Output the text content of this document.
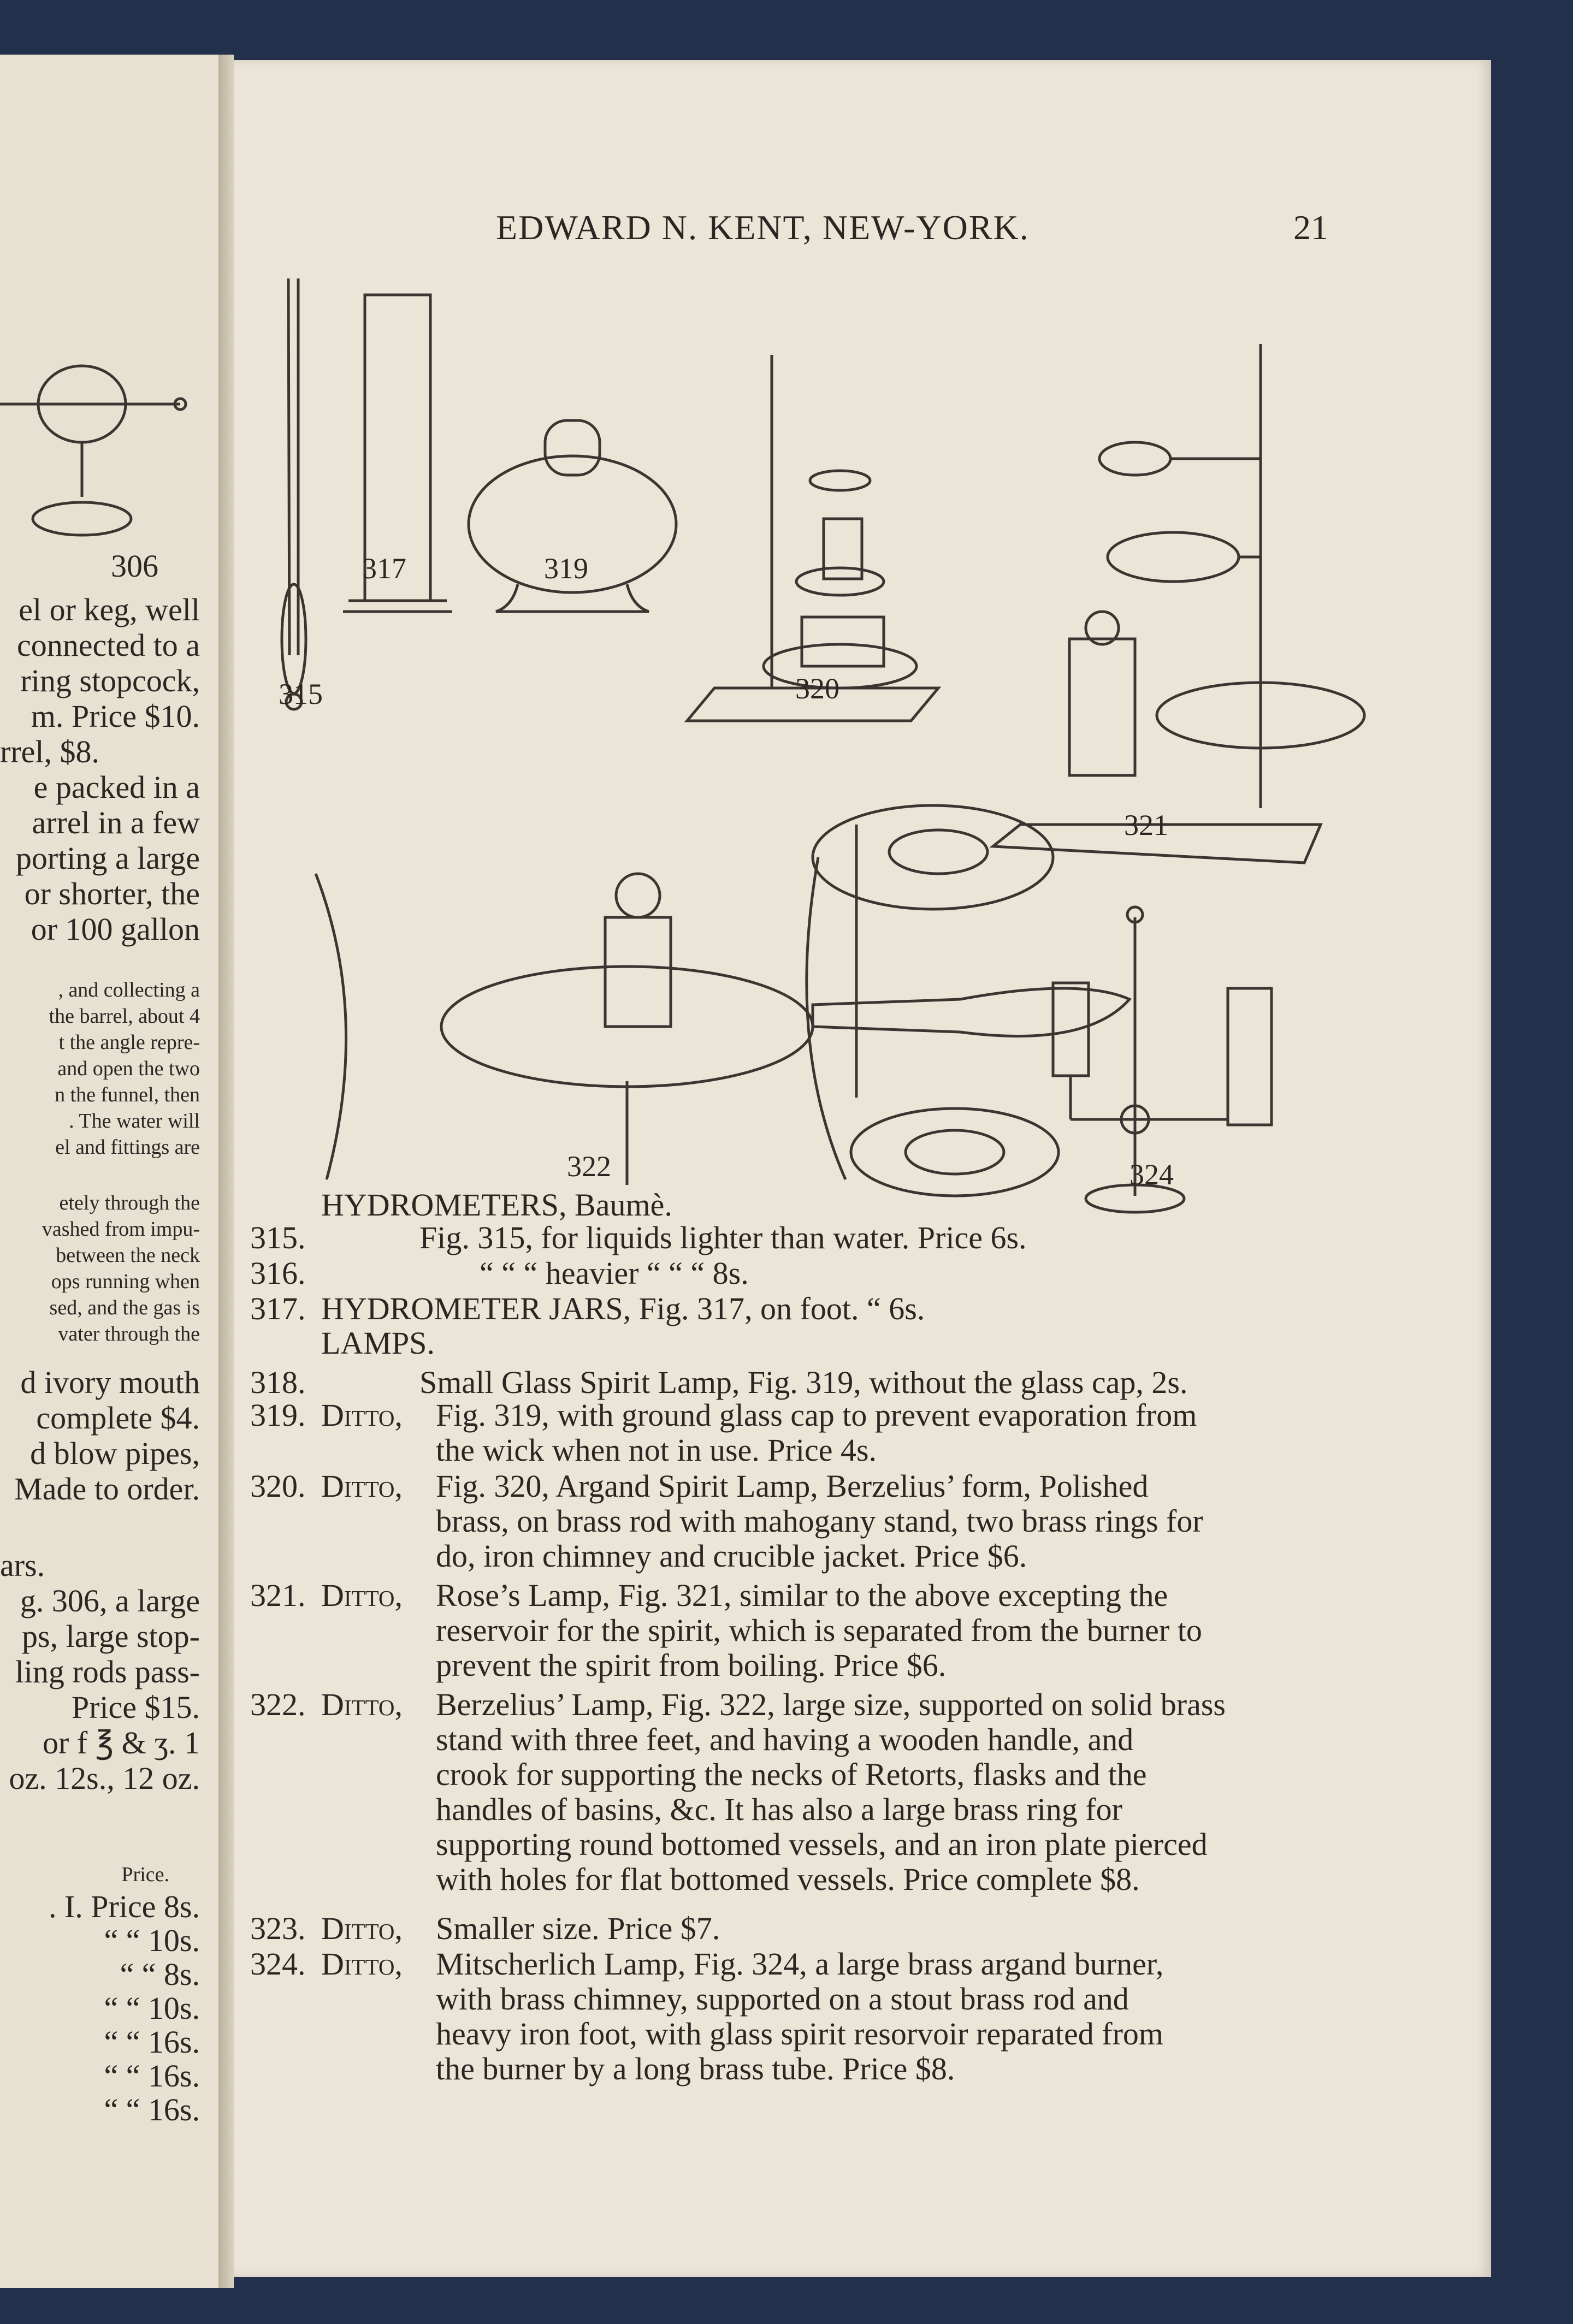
306
el or keg, well
connected to a
ring stopcock,
m. Price $10.
rrel, $8.
e packed in a
arrel in a few
porting a large
or shorter, the
or 100 gallon
, and collecting a
the barrel, about 4
t the angle repre-
and open the two
n the funnel, then
. The water will
el and fittings are
etely through the
vashed from impu-
between the neck
ops running when
sed, and the gas is
vater through the
d ivory mouth
complete $4.
d blow pipes,
Made to order.
ars.
g. 306, a large
ps, large stop-
ling rods pass-
Price $15.
or f ℥ & ʒ. 1
oz. 12s., 12 oz.
Price.
. I. Price 8s.
“ “ 10s.
“ “ 8s.
“ “ 10s.
“ “ 16s.
“ “ 16s.
“ “ 16s.
EDWARD N. KENT, NEW-YORK.	21
315
317	319
320
321
322	324
HYDROMETERS, Baumè.
315.	Fig. 315, for liquids lighter than water. Price 6s.
316.	“ “ “ heavier “ “ “ 8s.
317. HYDROMETER JARS, Fig. 317, on foot. “ 6s.
LAMPS.
318.	Small Glass Spirit Lamp, Fig. 319, without the glass cap, 2s.
319. Ditto, Fig. 319, with ground glass cap to prevent evaporation from
the wick when not in use. Price 4s.
320. Ditto, Fig. 320, Argand Spirit Lamp, Berzelius’ form, Polished
brass, on brass rod with mahogany stand, two brass rings for
do, iron chimney and crucible jacket. Price $6.
321. Ditto, Rose’s Lamp, Fig. 321, similar to the above excepting the
reservoir for the spirit, which is separated from the burner to
prevent the spirit from boiling. Price $6.
322. Ditto, Berzelius’ Lamp, Fig. 322, large size, supported on solid brass
stand with three feet, and having a wooden handle, and
crook for supporting the necks of Retorts, flasks and the
handles of basins, &c. It has also a large brass ring for
supporting round bottomed vessels, and an iron plate pierced
with holes for flat bottomed vessels. Price complete $8.
323. Ditto, Smaller size. Price $7.
324. Ditto, Mitscherlich Lamp, Fig. 324, a large brass argand burner,
with brass chimney, supported on a stout brass rod and
heavy iron foot, with glass spirit resorvoir reparated from
the burner by a long brass tube. Price $8.
